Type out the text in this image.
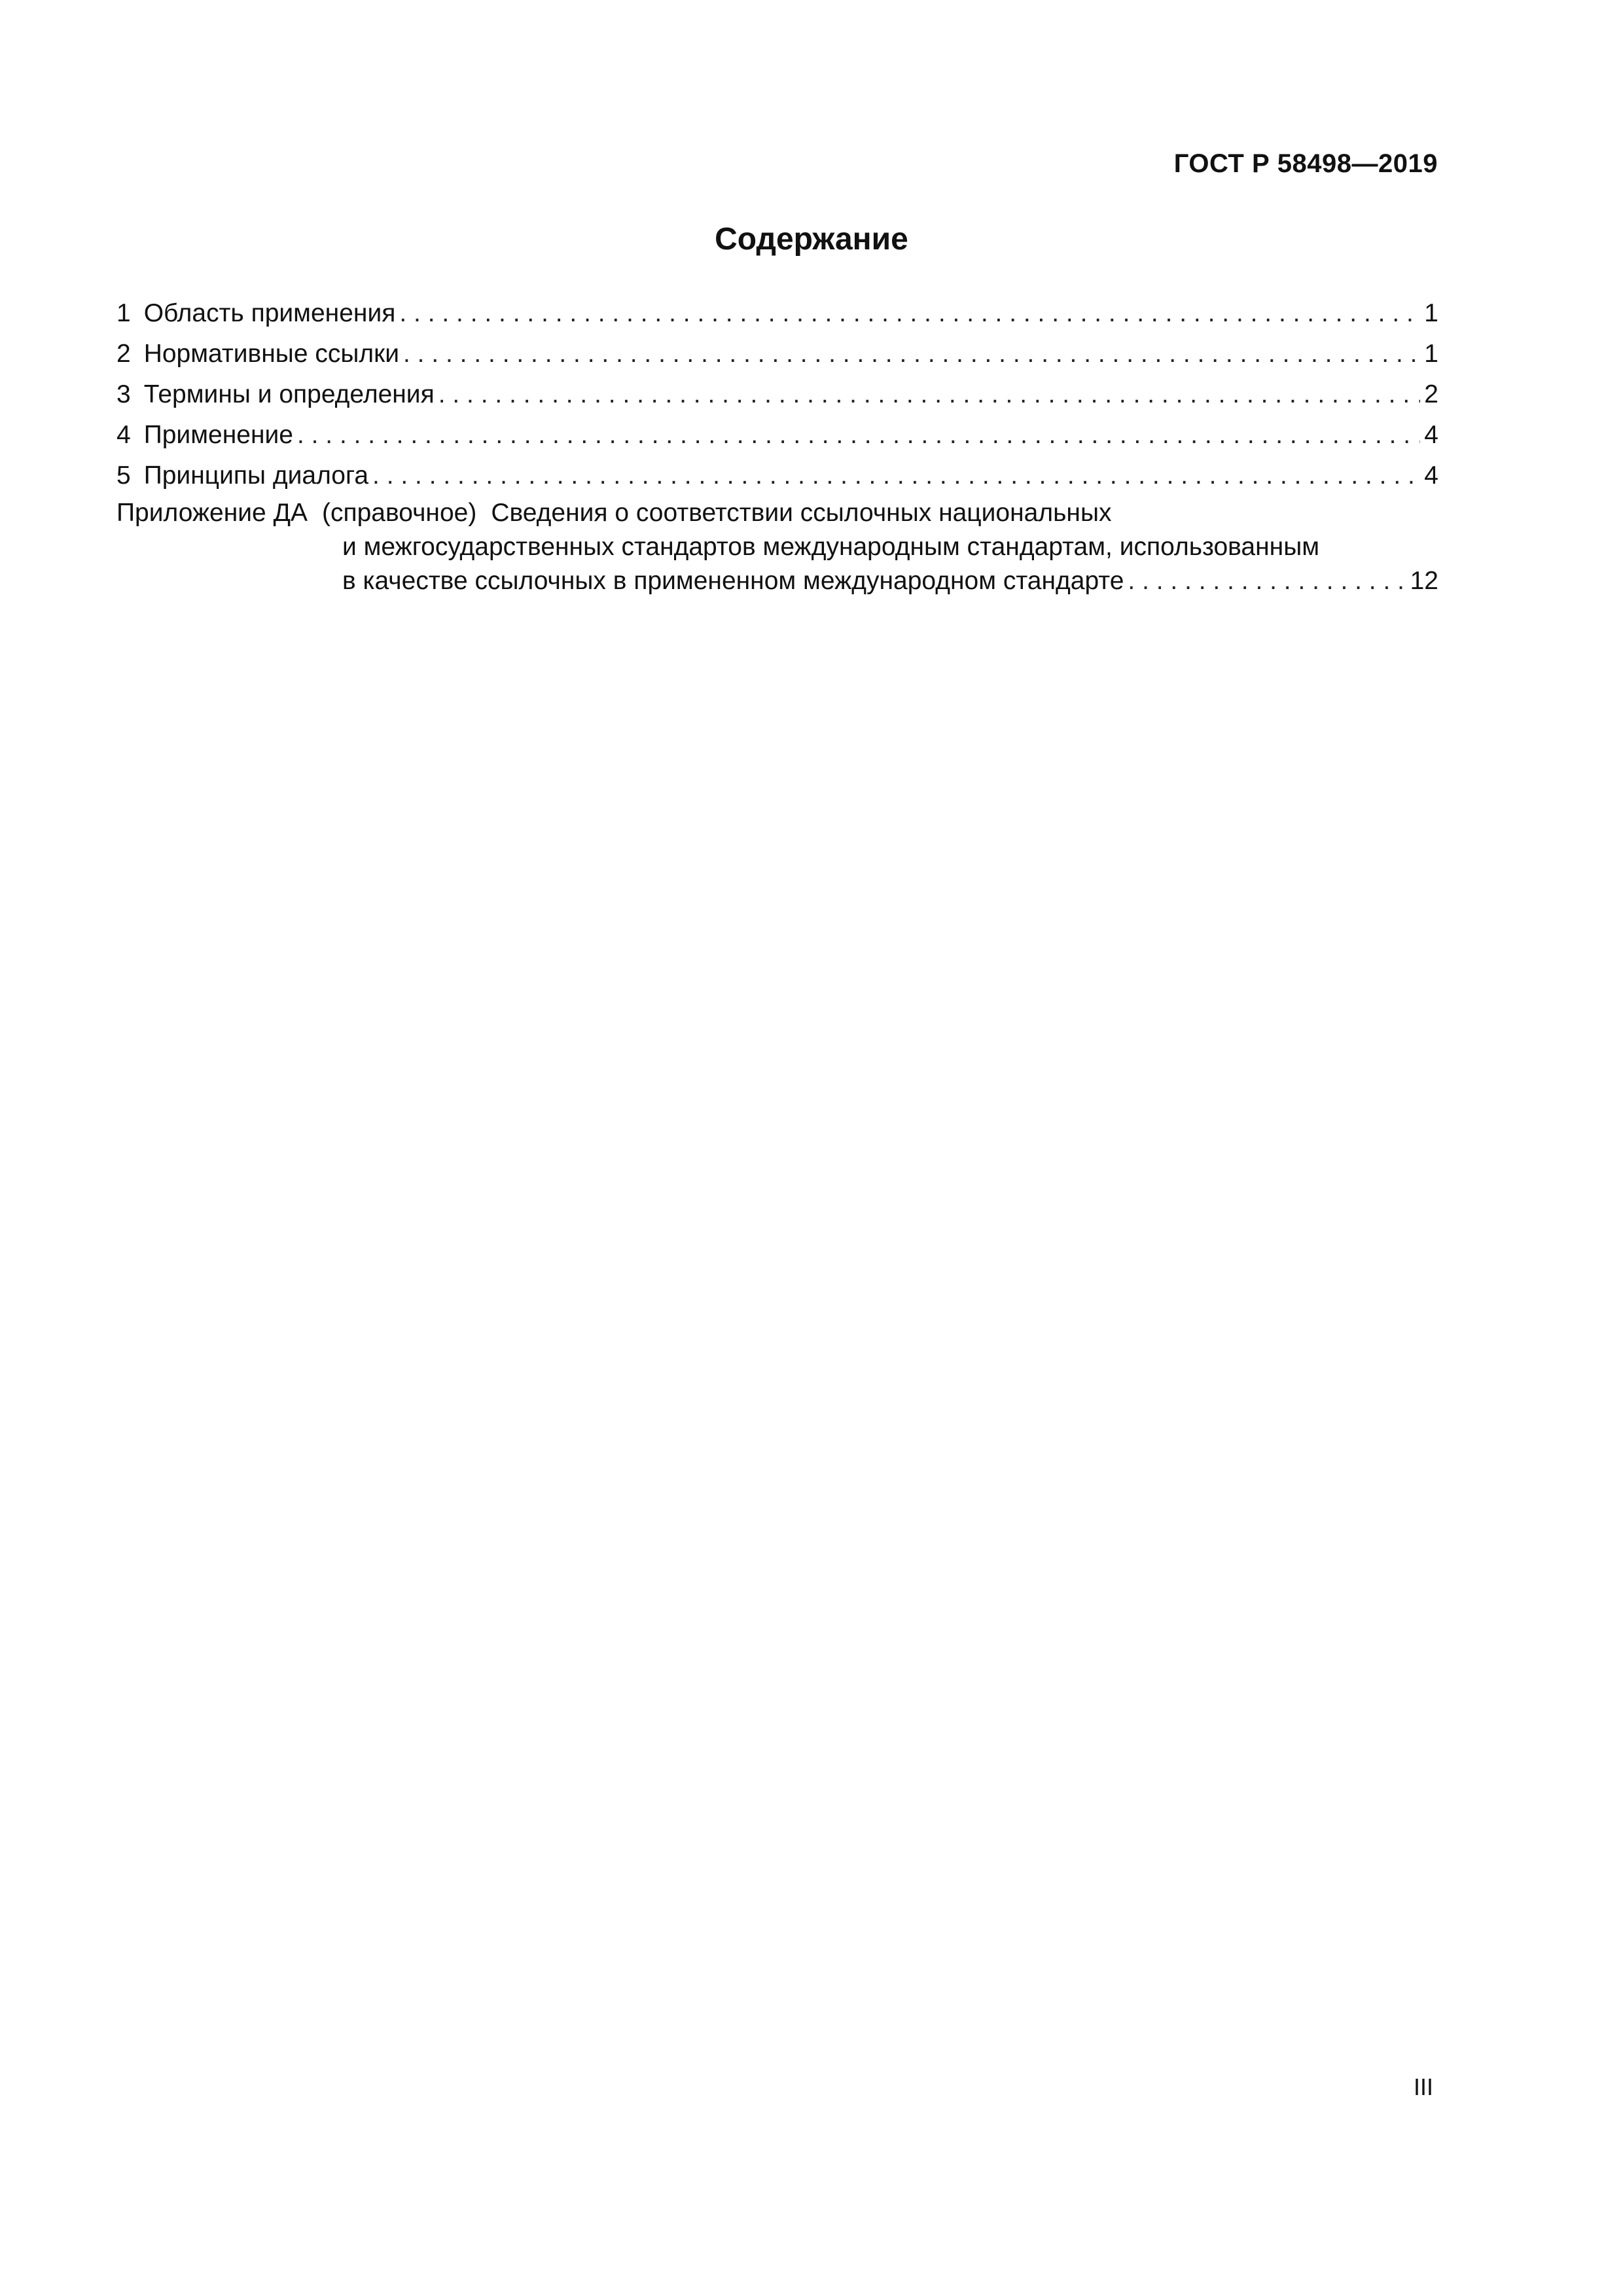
ГОСТ Р 58498—2019
Содержание
1 Область применения . . .	1
2 Нормативные ссылки . . .	1
3 Термины и определения . . .	2
4 Применение . . .	4
5 Принципы диалога . . .	4
Приложение ДА (справочное) Сведения о соответствии ссылочных национальных
и межгосударственных стандартов международным стандартам, использованным
в качестве ссылочных в примененном международном стандарте . . .	12
III
